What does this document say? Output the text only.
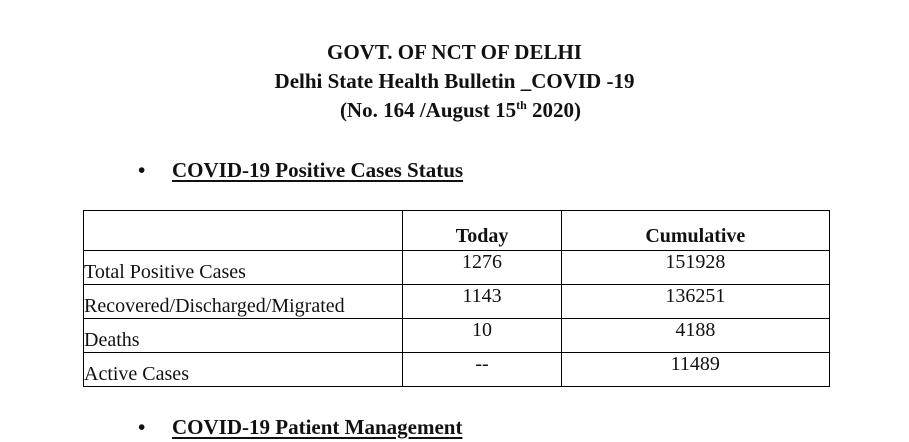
GOVT. OF NCT OF DELHI
Delhi State Health Bulletin _COVID -19
(No. 164 /August 15th 2020)
• COVID-19 Positive Cases Status
	Today	Cumulative
Total Positive Cases	1276	151928
Recovered/Discharged/Migrated	1143	136251
Deaths	10	4188
Active Cases	--	11489
• COVID-19 Patient Management
